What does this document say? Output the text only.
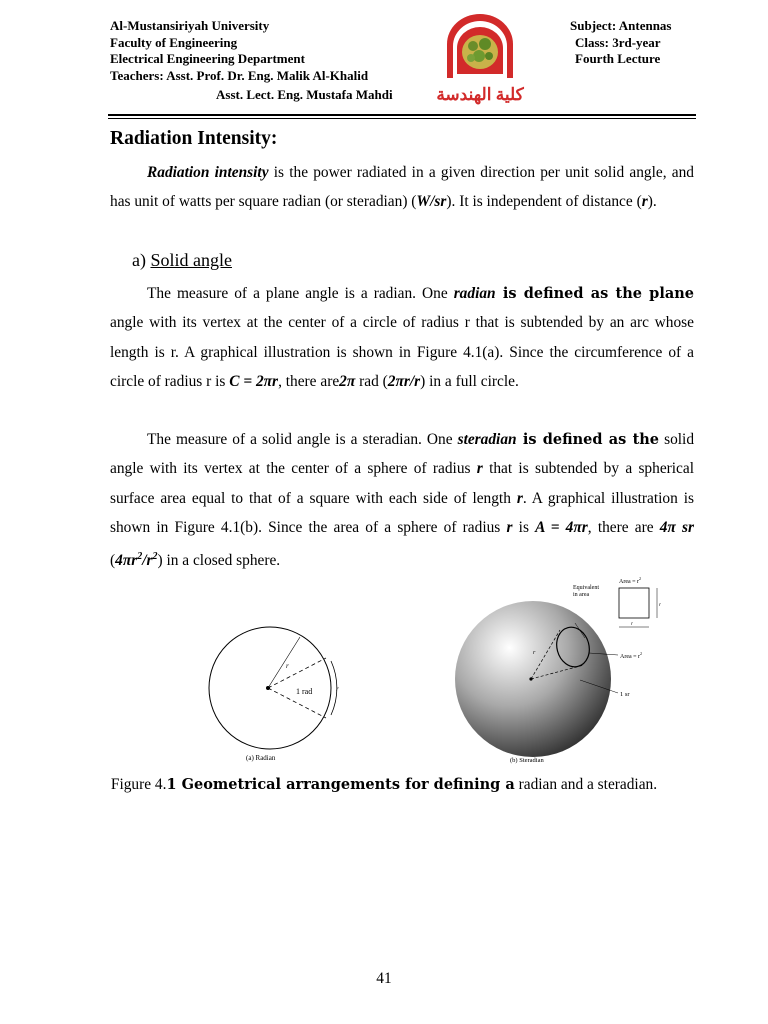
Al-Mustansiriyah University
Faculty of Engineering
Electrical Engineering Department
Teachers: Asst. Prof. Dr. Eng. Malik Al-Khalid
Asst. Lect. Eng. Mustafa Mahdi	كلية الهندسة
Subject: Antennas
Class: 3rd-year
Fourth Lecture
Radiation Intensity:
Radiation intensity is the power radiated in a given direction per unit solid angle, and has unit of watts per square radian (or steradian) (W/sr). It is independent of distance (r).
a) Solid angle
The measure of a plane angle is a radian. One radian is defined as the plane angle with its vertex at the center of a circle of radius r that is subtended by an arc whose length is r. A graphical illustration is shown in Figure 4.1(a). Since the circumference of a circle of radius r is C = 2πr, there are2π rad (2πr/r) in a full circle.
The measure of a solid angle is a steradian. One steradian is defined as the solid angle with its vertex at the center of a sphere of radius r that is subtended by a spherical surface area equal to that of a square with each side of length r. A graphical illustration is shown in Figure 4.1(b). Since the area of a sphere of radius r is A = 4πr, there are 4π sr $(4\pi r^2/r^2)$ in a closed sphere.
1 rad
r
r
(a) Radian
1 sr
r
Equivalent
in area
Area = $r^2$
r
r
Area = $r^2$
(b) Steradian
Figure 4.1 Geometrical arrangements for defining a radian and a steradian.
41
